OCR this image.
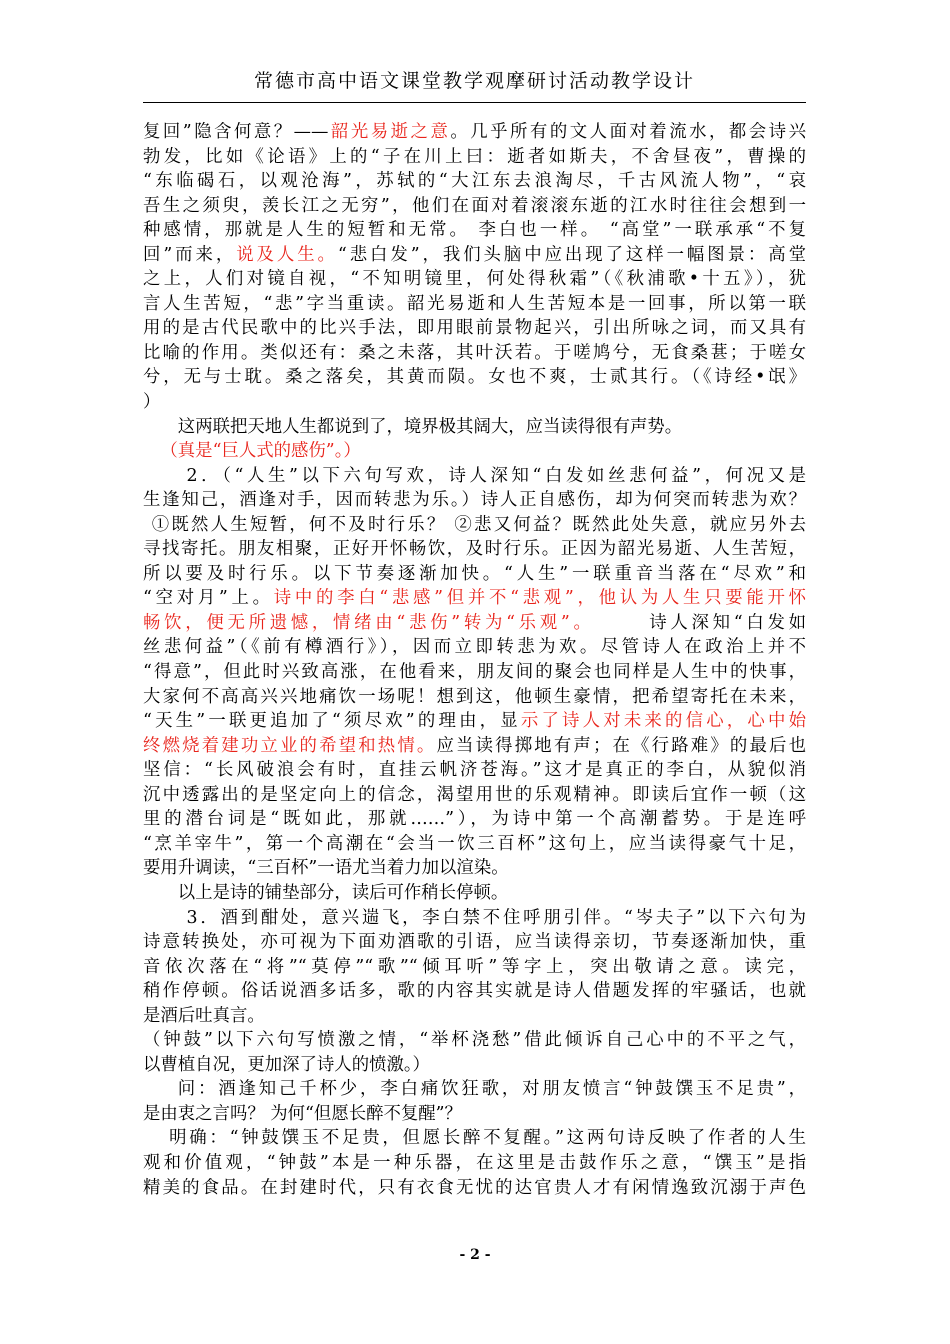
常德市高中语文课堂教学观摩研讨活动教学设计
复回”隐含何意？——韶光易逝之意。几乎所有的文人面对着流水，都会诗兴
勃发，比如《论语》上的“子在川上曰：逝者如斯夫，不舍昼夜”，曹操的
“东临碣石，以观沧海”，苏轼的“大江东去浪淘尽，千古风流人物”，“哀
吾生之须臾，羡长江之无穷”，他们在面对着滚滚东逝的江水时往往会想到一
种感情，那就是人生的短暂和无常。 李白也一样。 “高堂”一联承承“不复
回”而来，说及人生。“悲白发”，我们头脑中应出现了这样一幅图景：高堂
之上，人们对镜自视，“不知明镜里，何处得秋霜”（《秋浦歌•十五》），犹
言人生苦短，“悲”字当重读。韶光易逝和人生苦短本是一回事，所以第一联
用的是古代民歌中的比兴手法，即用眼前景物起兴，引出所咏之词，而又具有
比喻的作用。类似还有：桑之未落，其叶沃若。于嗟鸠兮，无食桑葚；于嗟女
兮，无与士耽。桑之落矣，其黄而陨。女也不爽，士贰其行。（《诗经•氓》
）
这两联把天地人生都说到了，境界极其阔大，应当读得很有声势。
（真是“巨人式的感伤”。）
2．（“人生”以下六句写欢，诗人深知“白发如丝悲何益”，何况又是
生逢知己，酒逢对手，因而转悲为乐。）诗人正自感伤，却为何突而转悲为欢？
①既然人生短暂，何不及时行乐？ ②悲又何益？既然此处失意，就应另外去
寻找寄托。朋友相聚，正好开怀畅饮，及时行乐。正因为韶光易逝、人生苦短，
所以要及时行乐。以下节奏逐渐加快。“人生”一联重音当落在“尽欢”和
“空对月”上。诗中的李白“悲感”但并不“悲观”，他认为人生只要能开怀
畅饮，便无所遗憾，情绪由“悲伤”转为“乐观”。　　　诗人深知“白发如
丝悲何益”（《前有樽酒行》），因而立即转悲为欢。尽管诗人在政治上并不
“得意”，但此时兴致高涨，在他看来，朋友间的聚会也同样是人生中的快事，
大家何不高高兴兴地痛饮一场呢！想到这，他顿生豪情，把希望寄托在未来，
“天生”一联更追加了“须尽欢”的理由，显示了诗人对未来的信心，心中始
终燃烧着建功立业的希望和热情。应当读得掷地有声；在《行路难》的最后也
坚信：“长风破浪会有时，直挂云帆济苍海。”这才是真正的李白，从貌似消
沉中透露出的是坚定向上的信念，渴望用世的乐观精神。即读后宜作一顿（这
里的潜台词是“既如此，那就……”），为诗中第一个高潮蓄势。于是连呼
“烹羊宰牛”，第一个高潮在“会当一饮三百杯”这句上，应当读得豪气十足，
要用升调读，“三百杯”一语尤当着力加以渲染。
以上是诗的铺垫部分，读后可作稍长停顿。
3．酒到酣处，意兴遄飞，李白禁不住呼朋引伴。“岑夫子”以下六句为
诗意转换处，亦可视为下面劝酒歌的引语，应当读得亲切，节奏逐渐加快，重
音依次落在“将”“莫停”“歌”“倾耳听”等字上，突出敬请之意。读完，
稍作停顿。俗话说酒多话多，歌的内容其实就是诗人借题发挥的牢骚话，也就
是酒后吐真言。
（钟鼓”以下六句写愤激之情，“举杯浇愁”借此倾诉自己心中的不平之气，
以曹植自况，更加深了诗人的愤激。）
问：酒逢知己千杯少，李白痛饮狂歌，对朋友愤言“钟鼓馔玉不足贵”，
是由衷之言吗？ 为何“但愿长醉不复醒”？
明确：“钟鼓馔玉不足贵，但愿长醉不复醒。”这两句诗反映了作者的人生
观和价值观，“钟鼓”本是一种乐器，在这里是击鼓作乐之意，“馔玉”是指
精美的食品。在封建时代，只有衣食无忧的达官贵人才有闲情逸致沉溺于声色
- 2 -
